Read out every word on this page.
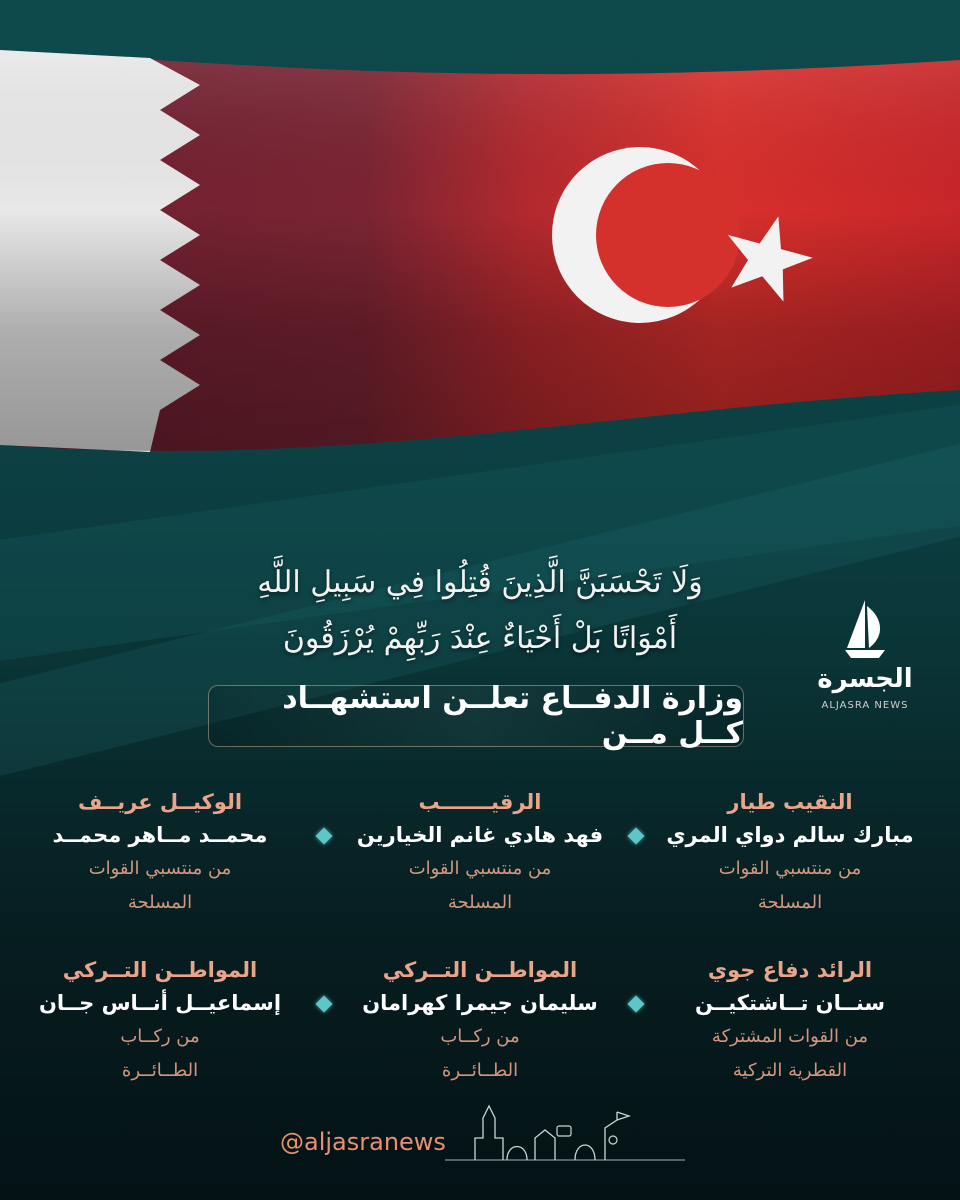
وَلَا تَحْسَبَنَّ الَّذِينَ قُتِلُوا فِي سَبِيلِ اللَّهِ
أَمْوَاتًا بَلْ أَحْيَاءٌ عِنْدَ رَبِّهِمْ يُرْزَقُونَ
الجسرة
ALJASRA NEWS
وزارة الدفــاع تعلــن استشهــاد كــل مــن
النقيب طيار
مبارك سالم دواي المري
من منتسبي القوات
المسلحة
الرقيـــــــب
فهد هادي غانم الخيارين
من منتسبي القوات
المسلحة
الوكيــل عريــف
محمــد مــاهر محمــد
من منتسبي القوات
المسلحة
الرائد دفاع جوي
سنــان تــاشتكيــن
من القوات المشتركة
القطرية التركية
المواطــن التــركي
سليمان جيمرا كهرامان
من ركــاب
الطــائــرة
المواطــن التــركي
إسماعيــل أنــاس جــان
من ركــاب
الطــائــرة
@aljasranews
